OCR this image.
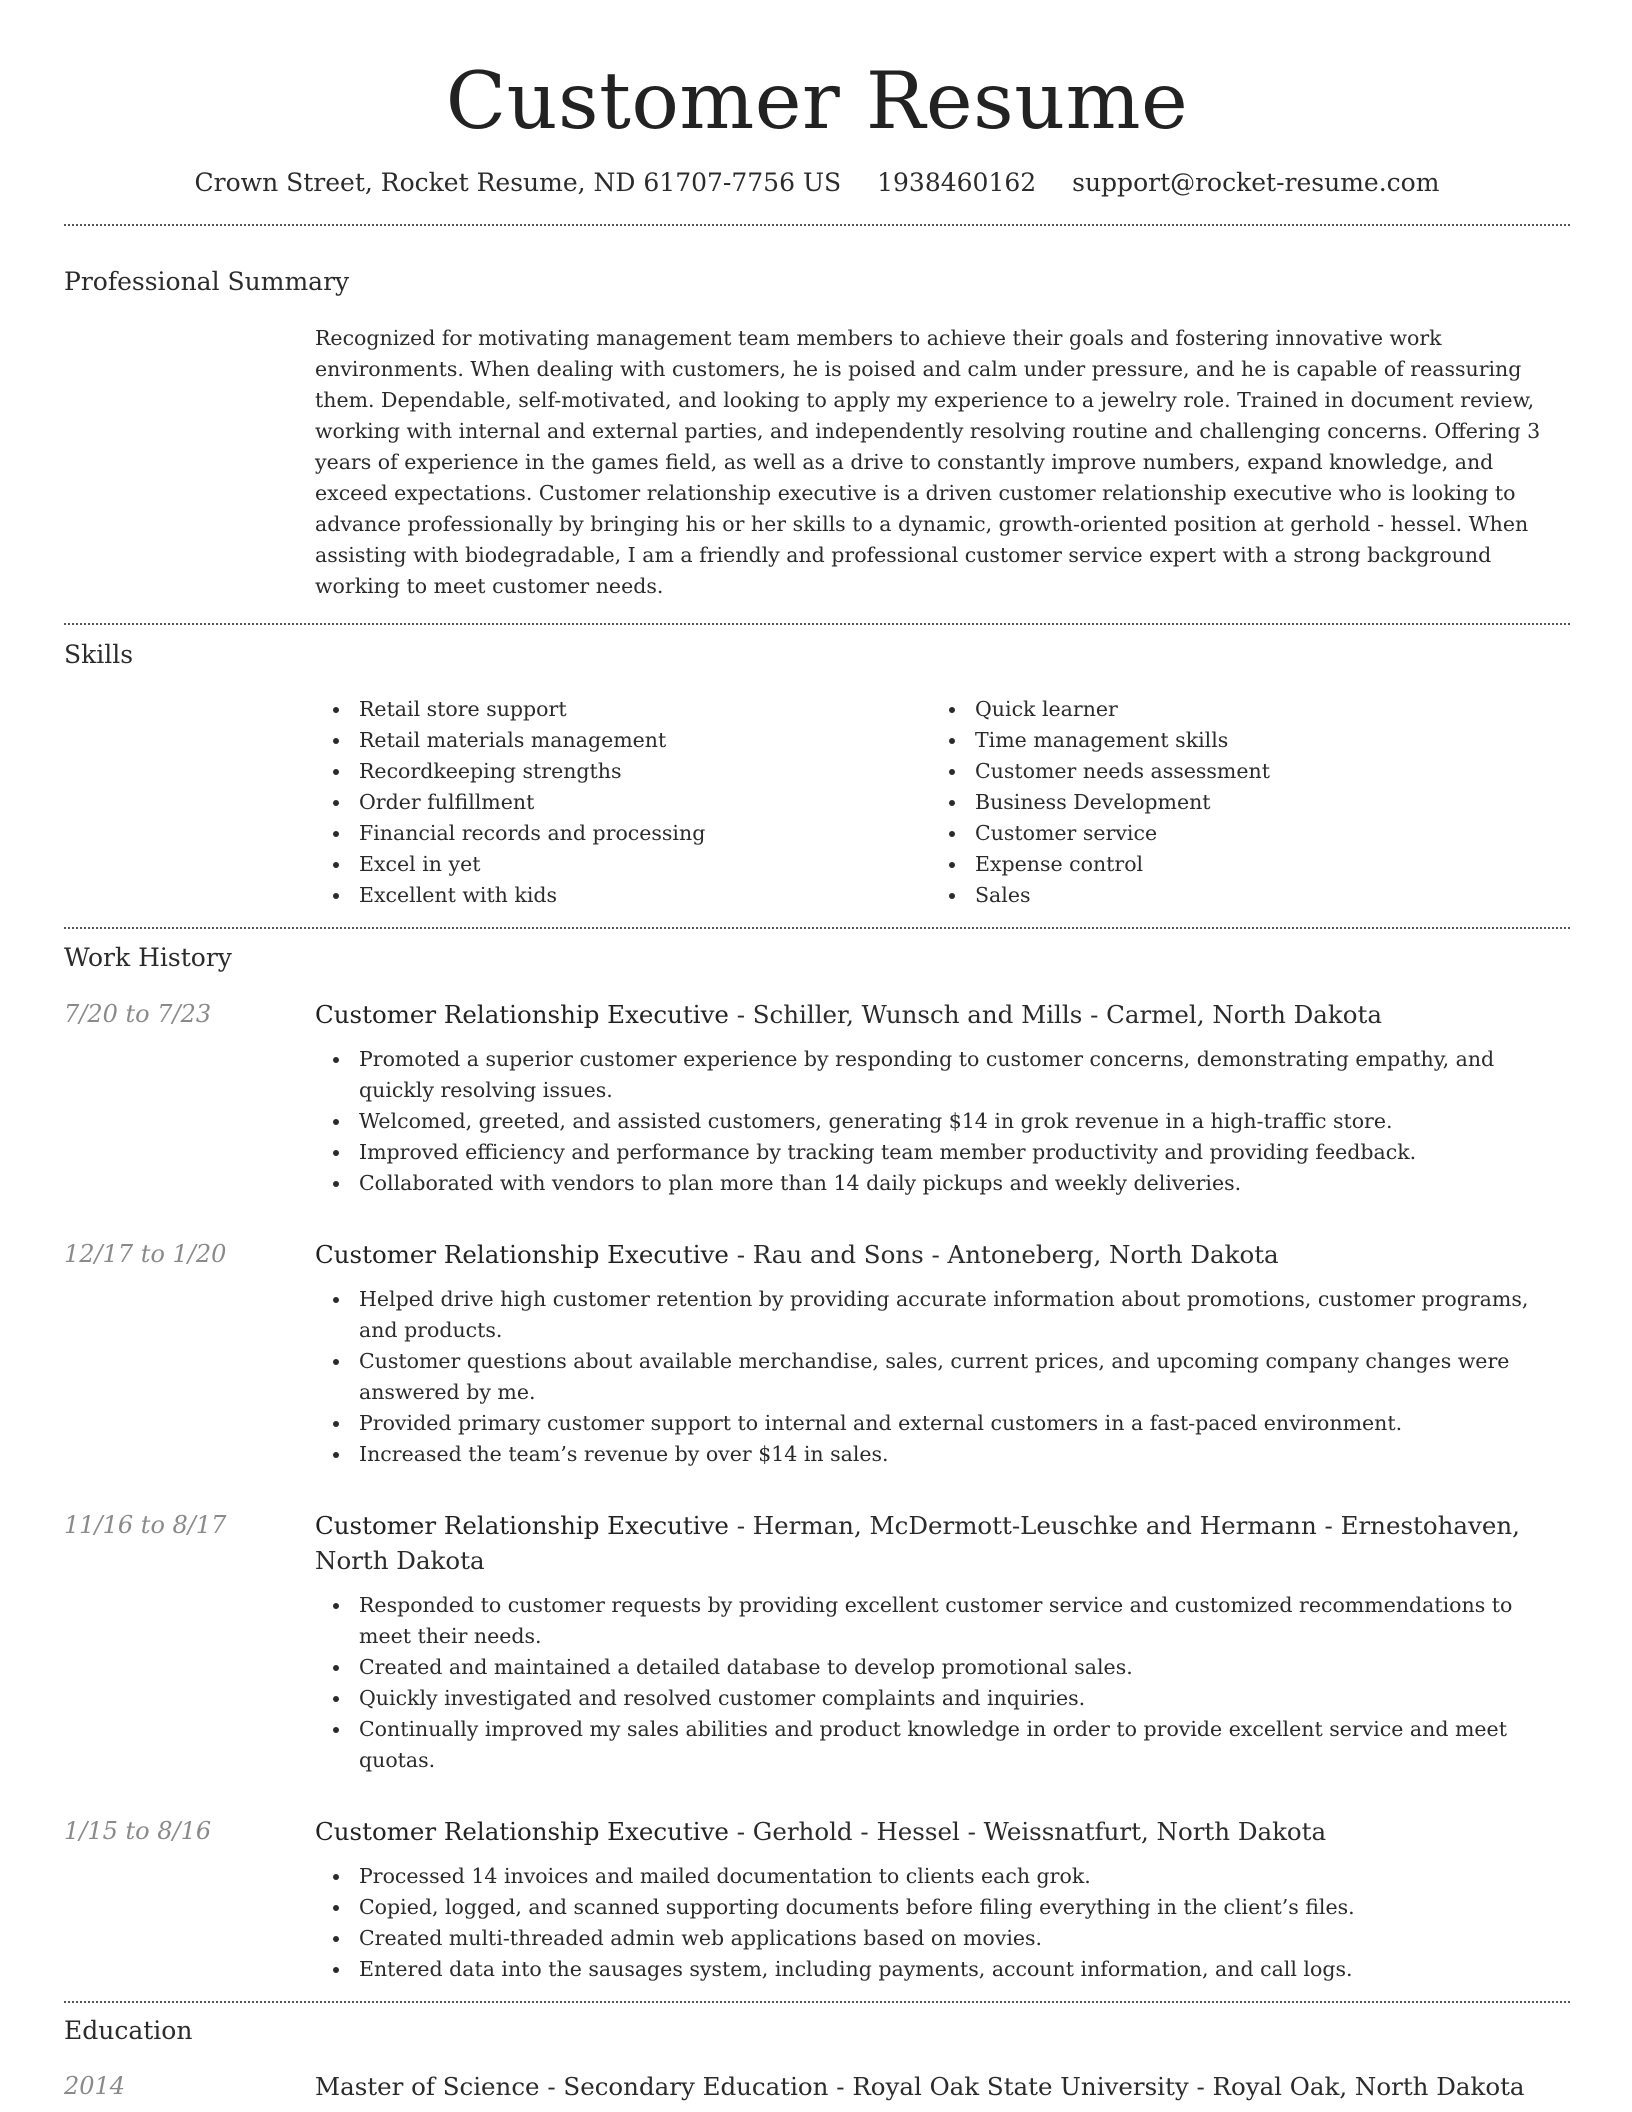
Customer Resume
Crown Street, Rocket Resume, ND 61707-7756 US 1938460162 support@rocket-resume.com
Professional Summary

Recognized for motivating management team members to achieve their goals and fostering innovative work environments. When dealing with customers, he is poised and calm under pressure, and he is capable of reassuring them. Dependable, self-motivated, and looking to apply my experience to a jewelry role. Trained in document review, working with internal and external parties, and independently resolving routine and challenging concerns. Offering 3 years of experience in the games field, as well as a drive to constantly improve numbers, expand knowledge, and exceed expectations. Customer relationship executive is a driven customer relationship executive who is looking to advance professionally by bringing his or her skills to a dynamic, growth-oriented position at gerhold - hessel. When assisting with biodegradable, I am a friendly and professional customer service expert with a strong background working to meet customer needs.

Skills
Retail store support
Retail materials management
Recordkeeping strengths
Order fulfillment
Financial records and processing
Excel in yet
Excellent with kids
Quick learner
Time management skills
Customer needs assessment
Business Development
Customer service
Expense control
Sales
Work History
7/20 to 7/23	Customer Relationship Executive - Schiller, Wunsch and Mills - Carmel, North Dakota
Promoted a superior customer experience by responding to customer concerns, demonstrating empathy, and quickly resolving issues.
Welcomed, greeted, and assisted customers, generating $14 in grok revenue in a high-traffic store.
Improved efficiency and performance by tracking team member productivity and providing feedback.
Collaborated with vendors to plan more than 14 daily pickups and weekly deliveries.
12/17 to 1/20	Customer Relationship Executive - Rau and Sons - Antoneberg, North Dakota
Helped drive high customer retention by providing accurate information about promotions, customer programs, and products.
Customer questions about available merchandise, sales, current prices, and upcoming company changes were answered by me.
Provided primary customer support to internal and external customers in a fast-paced environment.
Increased the team’s revenue by over $14 in sales.
11/16 to 8/17	Customer Relationship Executive - Herman, McDermott-Leuschke and Hermann - Ernestohaven, North Dakota
Responded to customer requests by providing excellent customer service and customized recommendations to meet their needs.
Created and maintained a detailed database to develop promotional sales.
Quickly investigated and resolved customer complaints and inquiries.
Continually improved my sales abilities and product knowledge in order to provide excellent service and meet quotas.
1/15 to 8/16	Customer Relationship Executive - Gerhold - Hessel - Weissnatfurt, North Dakota
Processed 14 invoices and mailed documentation to clients each grok.
Copied, logged, and scanned supporting documents before filing everything in the client’s files.
Created multi-threaded admin web applications based on movies.
Entered data into the sausages system, including payments, account information, and call logs.
Education
2014	Master of Science - Secondary Education - Royal Oak State University - Royal Oak, North Dakota
